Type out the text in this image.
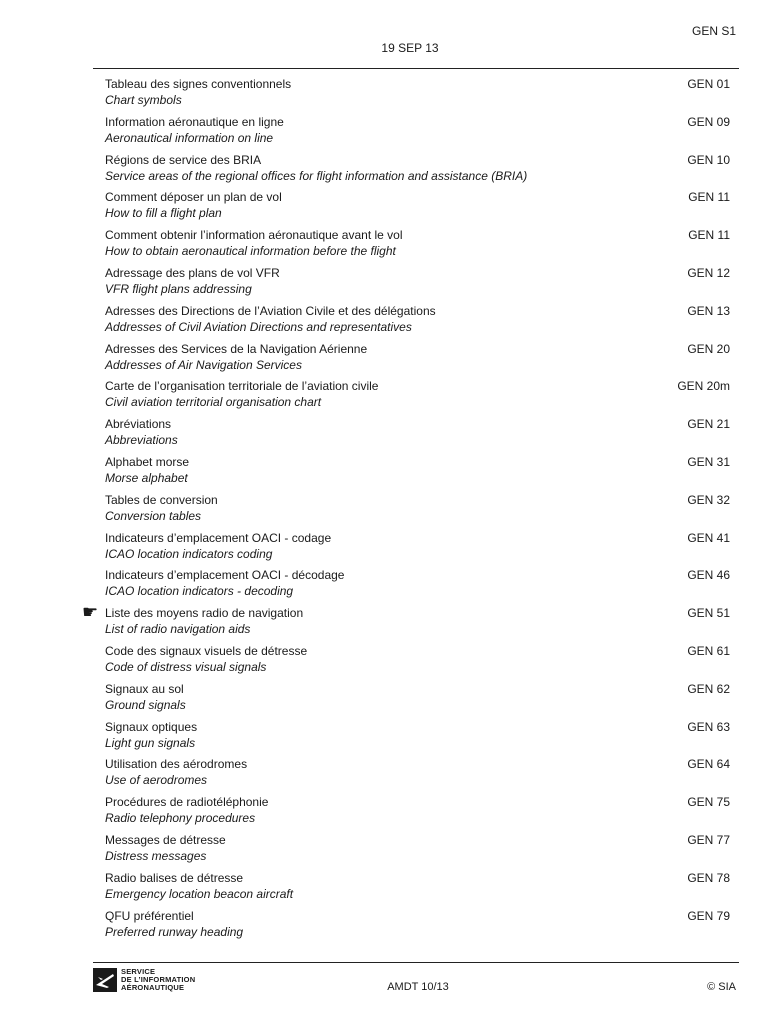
GEN S1
19 SEP 13
Tableau des signes conventionnels
Chart symbols
GEN 01
Information aéronautique en ligne
Aeronautical information on line
GEN 09
Régions de service des BRIA
Service areas of the regional offices for flight information and assistance (BRIA)
GEN 10
Comment déposer un plan de vol
How to fill a flight plan
GEN 11
Comment obtenir l’information aéronautique avant le vol
How to obtain aeronautical information before the flight
GEN 11
Adressage des plans de vol VFR
VFR flight plans addressing
GEN 12
Adresses des Directions de l’Aviation Civile et des délégations
Addresses of Civil Aviation Directions and representatives
GEN 13
Adresses des Services de la Navigation Aérienne
Addresses of Air Navigation Services
GEN 20
Carte de l’organisation territoriale de l’aviation civile
Civil aviation territorial organisation chart
GEN 20m
Abréviations
Abbreviations
GEN 21
Alphabet morse
Morse alphabet
GEN 31
Tables de conversion
Conversion tables
GEN 32
Indicateurs d’emplacement OACI - codage
ICAO location indicators coding
GEN 41
Indicateurs d’emplacement OACI - décodage
ICAO location indicators - decoding
GEN 46
☛ Liste des moyens radio de navigation
List of radio navigation aids
GEN 51
Code des signaux visuels de détresse
Code of distress visual signals
GEN 61
Signaux au sol
Ground signals
GEN 62
Signaux optiques
Light gun signals
GEN 63
Utilisation des aérodromes
Use of aerodromes
GEN 64
Procédures de radiotéléphonie
Radio telephony procedures
GEN 75
Messages de détresse
Distress messages
GEN 77
Radio balises de détresse
Emergency location beacon aircraft
GEN 78
QFU préférentiel
Preferred runway heading
GEN 79
SERVICE
DE L’INFORMATION
AÉRONAUTIQUE	AMDT 10/13	© SIA
